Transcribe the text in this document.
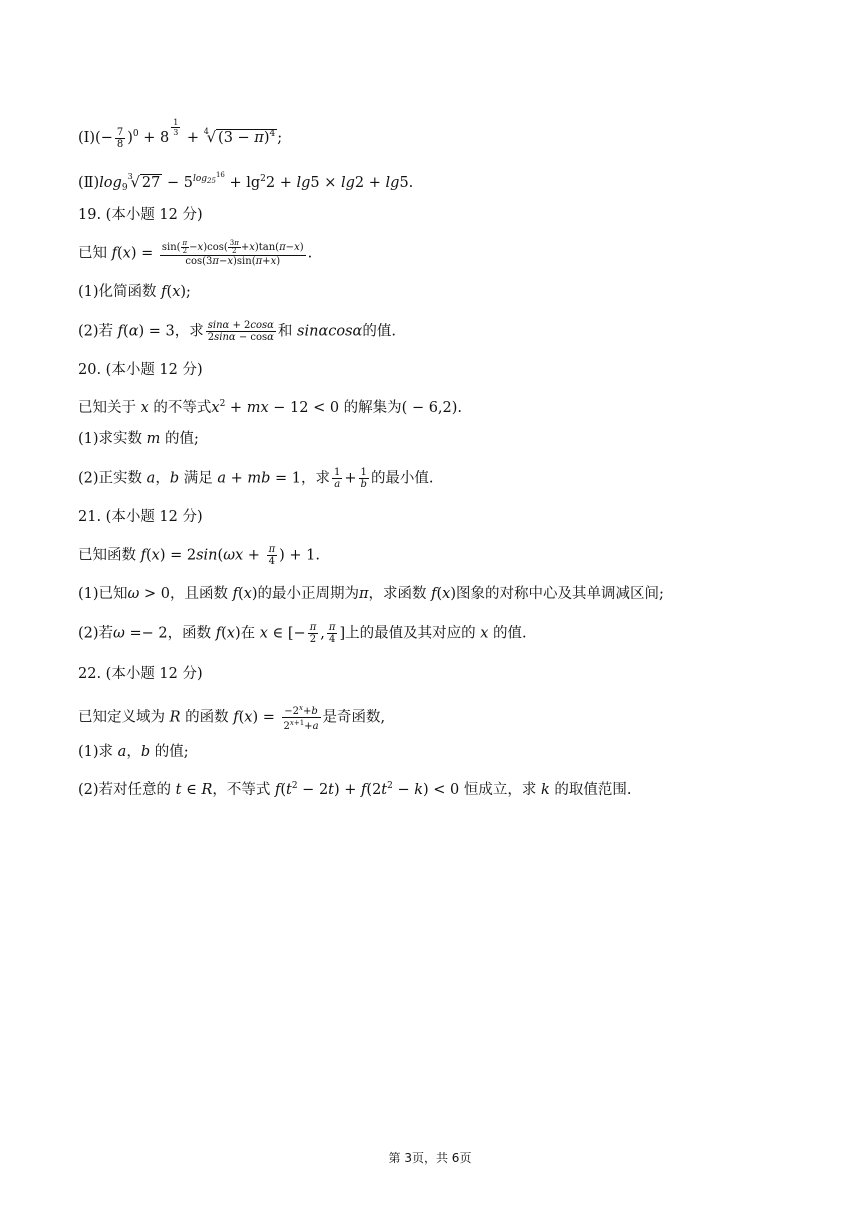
(Ⅰ)(− $\frac{7}{8} )^0 + 8$
$\frac{1}{3}$
+ $^4$√ $(3 - \pi)^4$ ;
$(Ⅱ)\log_9^3√$ $27 - 5^{log_{25}16} + \lg^22 + \lg 5 \times \lg 2 + \lg 5$.
19. (本小题 12 分)
已知 $f(x) = \frac{\sin( \frac{\pi}{2} -x)\cos( \frac{3\pi}{2} +x)\tan(\pi-x)}{\cos(3\pi-x)\sin(\pi+x)}$ .
(1)化简函数 f(x);
(2)若 f(α) = 3，求 $\frac{\sin\alpha + 2\cos\alpha}{2\sin\alpha - \cos\alpha}$ 和 sinαcosα的值.
20. (本小题 12 分)
已知关于 x 的不等式$x^2$ + mx − 12 < 0 的解集为( − 6,2).
(1)求实数 m 的值;
(2)正实数 a，b 满足 a + mb = 1，求 $\frac{1}{a} + \frac{1}{b}$ 的最小值.
21. (本小题 12 分)
已知函数 $f(x) = 2\sin(\omega x + \frac{\pi}{4}$ ) + 1.
(1)已知ω > 0，且函数 f(x)的最小正周期为π，求函数 f(x)图象的对称中心及其单调减区间;
(2)若ω =− 2，函数 f(x)在 x ∈ [− $\frac{\pi}{2}$ , $\frac{\pi}{4}$ ]上的最值及其对应的 x 的值.
22. (本小题 12 分)
已知定义域为 R 的函数 $f(x) = \frac{-2^x+b}{2^{x+1}+a}$ 是奇函数,
(1)求 a，b 的值;
(2)若对任意的 t ∈ R，不等式 $f(t^2 - 2t) + f(2t^2 - k) < 0$ 恒成立，求 k 的取值范围.
第 3页，共 6页
